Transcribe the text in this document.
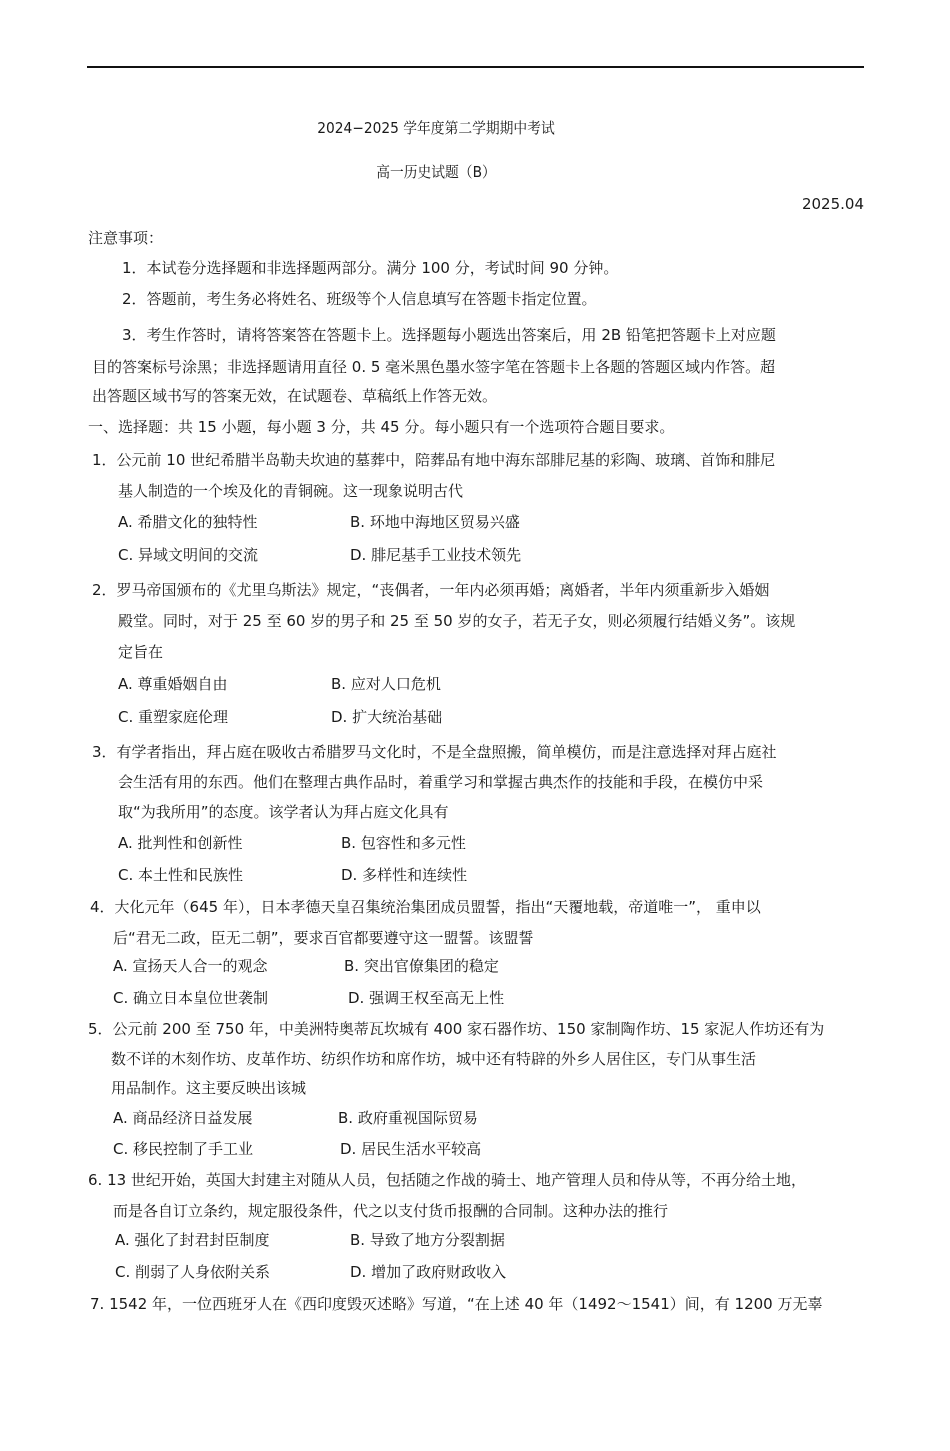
2024−2025 学年度第二学期期中考试
高一历史试题（B）
2025.04
注意事项：
1．本试卷分选择题和非选择题两部分。满分 100 分，考试时间 90 分钟。
2．答题前，考生务必将姓名、班级等个人信息填写在答题卡指定位置。
3．考生作答时，请将答案答在答题卡上。选择题每小题选出答案后，用 2B 铅笔把答题卡上对应题
目的答案标号涂黑；非选择题请用直径 0. 5 毫米黑色墨水签字笔在答题卡上各题的答题区域内作答。超
出答题区域书写的答案无效，在试题卷、草稿纸上作答无效。
一、选择题：共 15 小题，每小题 3 分，共 45 分。每小题只有一个选项符合题目要求。
1．公元前 10 世纪希腊半岛勒夫坎迪的墓葬中，陪葬品有地中海东部腓尼基的彩陶、玻璃、首饰和腓尼
基人制造的一个埃及化的青铜碗。这一现象说明古代
A. 希腊文化的独特性	B. 环地中海地区贸易兴盛
C. 异域文明间的交流	D. 腓尼基手工业技术领先
2．罗马帝国颁布的《尤里乌斯法》规定，“丧偶者，一年内必须再婚；离婚者，半年内须重新步入婚姻
殿堂。同时，对于 25 至 60 岁的男子和 25 至 50 岁的女子，若无子女，则必须履行结婚义务”。该规
定旨在
A. 尊重婚姻自由	B. 应对人口危机
C. 重塑家庭伦理	D. 扩大统治基础
3．有学者指出，拜占庭在吸收古希腊罗马文化时，不是全盘照搬，简单模仿，而是注意选择对拜占庭社
会生活有用的东西。他们在整理古典作品时，着重学习和掌握古典杰作的技能和手段，在模仿中采
取“为我所用”的态度。该学者认为拜占庭文化具有
A. 批判性和创新性	B. 包容性和多元性
C. 本土性和民族性	D. 多样性和连续性
4．大化元年（645 年），日本孝德天皇召集统治集团成员盟誓，指出“天覆地载，帝道唯一”， 重申以
后“君无二政，臣无二朝”，要求百官都要遵守这一盟誓。该盟誓
A. 宣扬天人合一的观念	B. 突出官僚集团的稳定
C. 确立日本皇位世袭制	D. 强调王权至高无上性
5．公元前 200 至 750 年，中美洲特奥蒂瓦坎城有 400 家石器作坊、150 家制陶作坊、15 家泥人作坊还有为
数不详的木刻作坊、皮革作坊、纺织作坊和席作坊，城中还有特辟的外乡人居住区，专门从事生活
用品制作。这主要反映出该城
A. 商品经济日益发展	B. 政府重视国际贸易
C. 移民控制了手工业	D. 居民生活水平较高
6. 13 世纪开始，英国大封建主对随从人员，包括随之作战的骑士、地产管理人员和侍从等，不再分给土地，
而是各自订立条约，规定服役条件，代之以支付货币报酬的合同制。这种办法的推行
A. 强化了封君封臣制度	B. 导致了地方分裂割据
C. 削弱了人身依附关系	D. 增加了政府财政收入
7. 1542 年，一位西班牙人在《西印度毁灭述略》写道，“在上述 40 年（1492～1541）间，有 1200 万无辜
